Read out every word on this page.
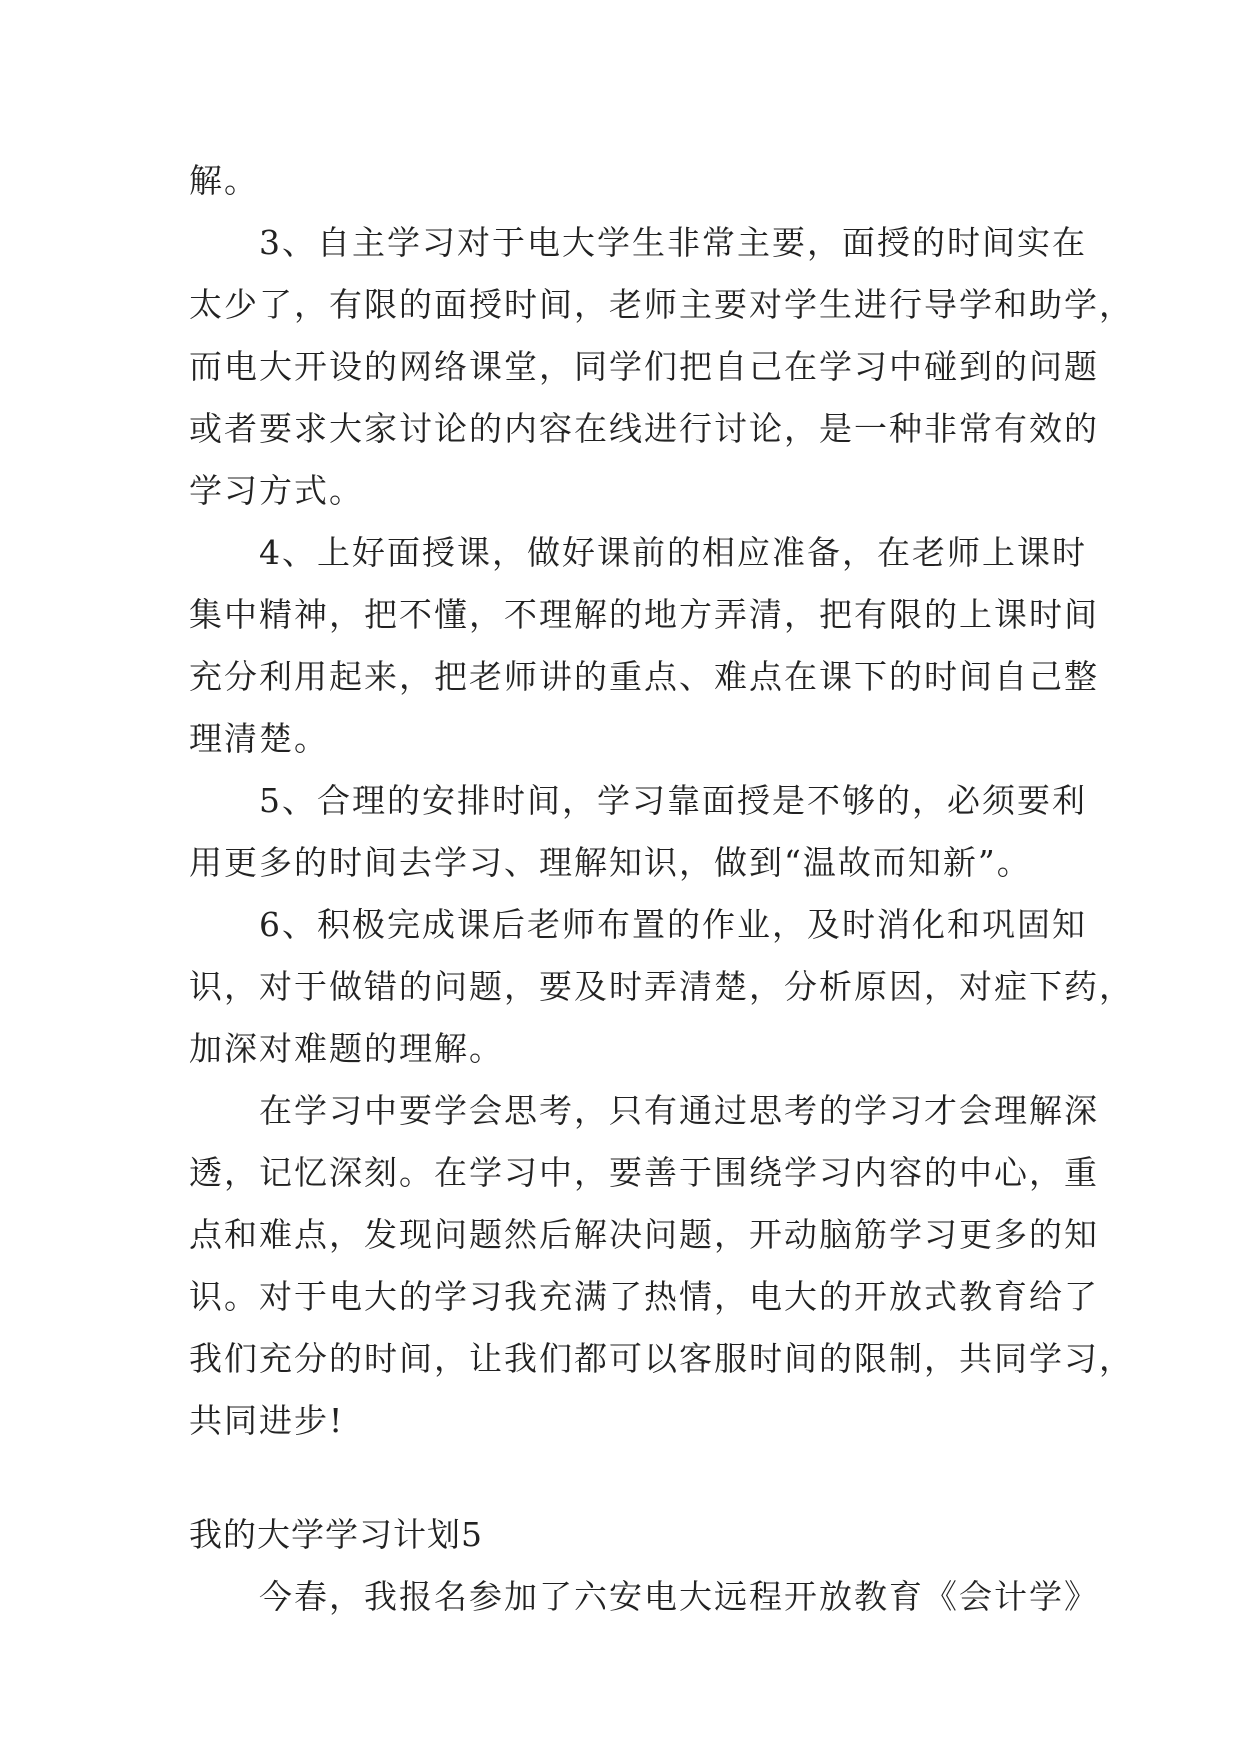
解。
3、自主学习对于电大学生非常主要，面授的时间实在
太少了，有限的面授时间，老师主要对学生进行导学和助学，
而电大开设的网络课堂，同学们把自己在学习中碰到的问题
或者要求大家讨论的内容在线进行讨论，是一种非常有效的
学习方式。
4、上好面授课，做好课前的相应准备，在老师上课时
集中精神，把不懂，不理解的地方弄清，把有限的上课时间
充分利用起来，把老师讲的重点、难点在课下的时间自己整
理清楚。
5、合理的安排时间，学习靠面授是不够的，必须要利
用更多的时间去学习、理解知识，做到“温故而知新”。
6、积极完成课后老师布置的作业，及时消化和巩固知
识，对于做错的问题，要及时弄清楚，分析原因，对症下药，
加深对难题的理解。
在学习中要学会思考，只有通过思考的学习才会理解深
透，记忆深刻。在学习中，要善于围绕学习内容的中心，重
点和难点，发现问题然后解决问题，开动脑筋学习更多的知
识。对于电大的学习我充满了热情，电大的开放式教育给了
我们充分的时间，让我们都可以客服时间的限制，共同学习，
共同进步!
我的大学学习计划5
今春，我报名参加了六安电大远程开放教育《会计学》
